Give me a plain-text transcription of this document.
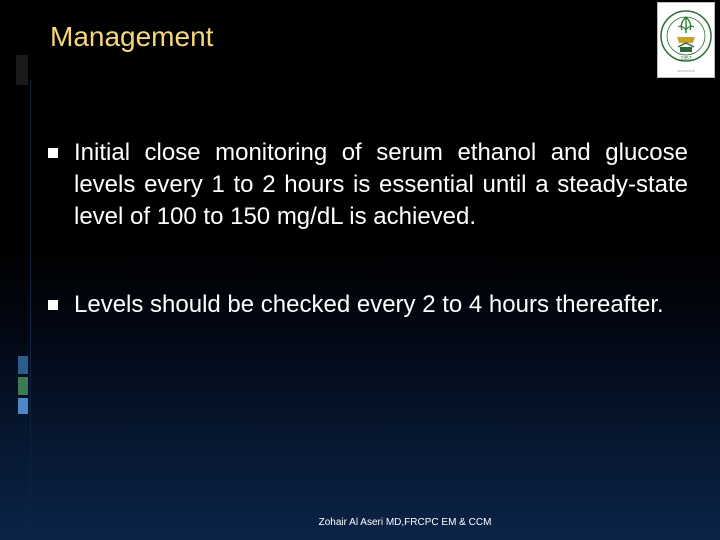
Management
1957
~~~~~~
Initial close monitoring of serum ethanol and glucose levels every 1 to 2 hours is essential until a steady-state level of 100 to 150 mg/dL is achieved.
Levels should be checked every 2 to 4 hours thereafter.
Zohair Al Aseri MD,FRCPC EM & CCM
